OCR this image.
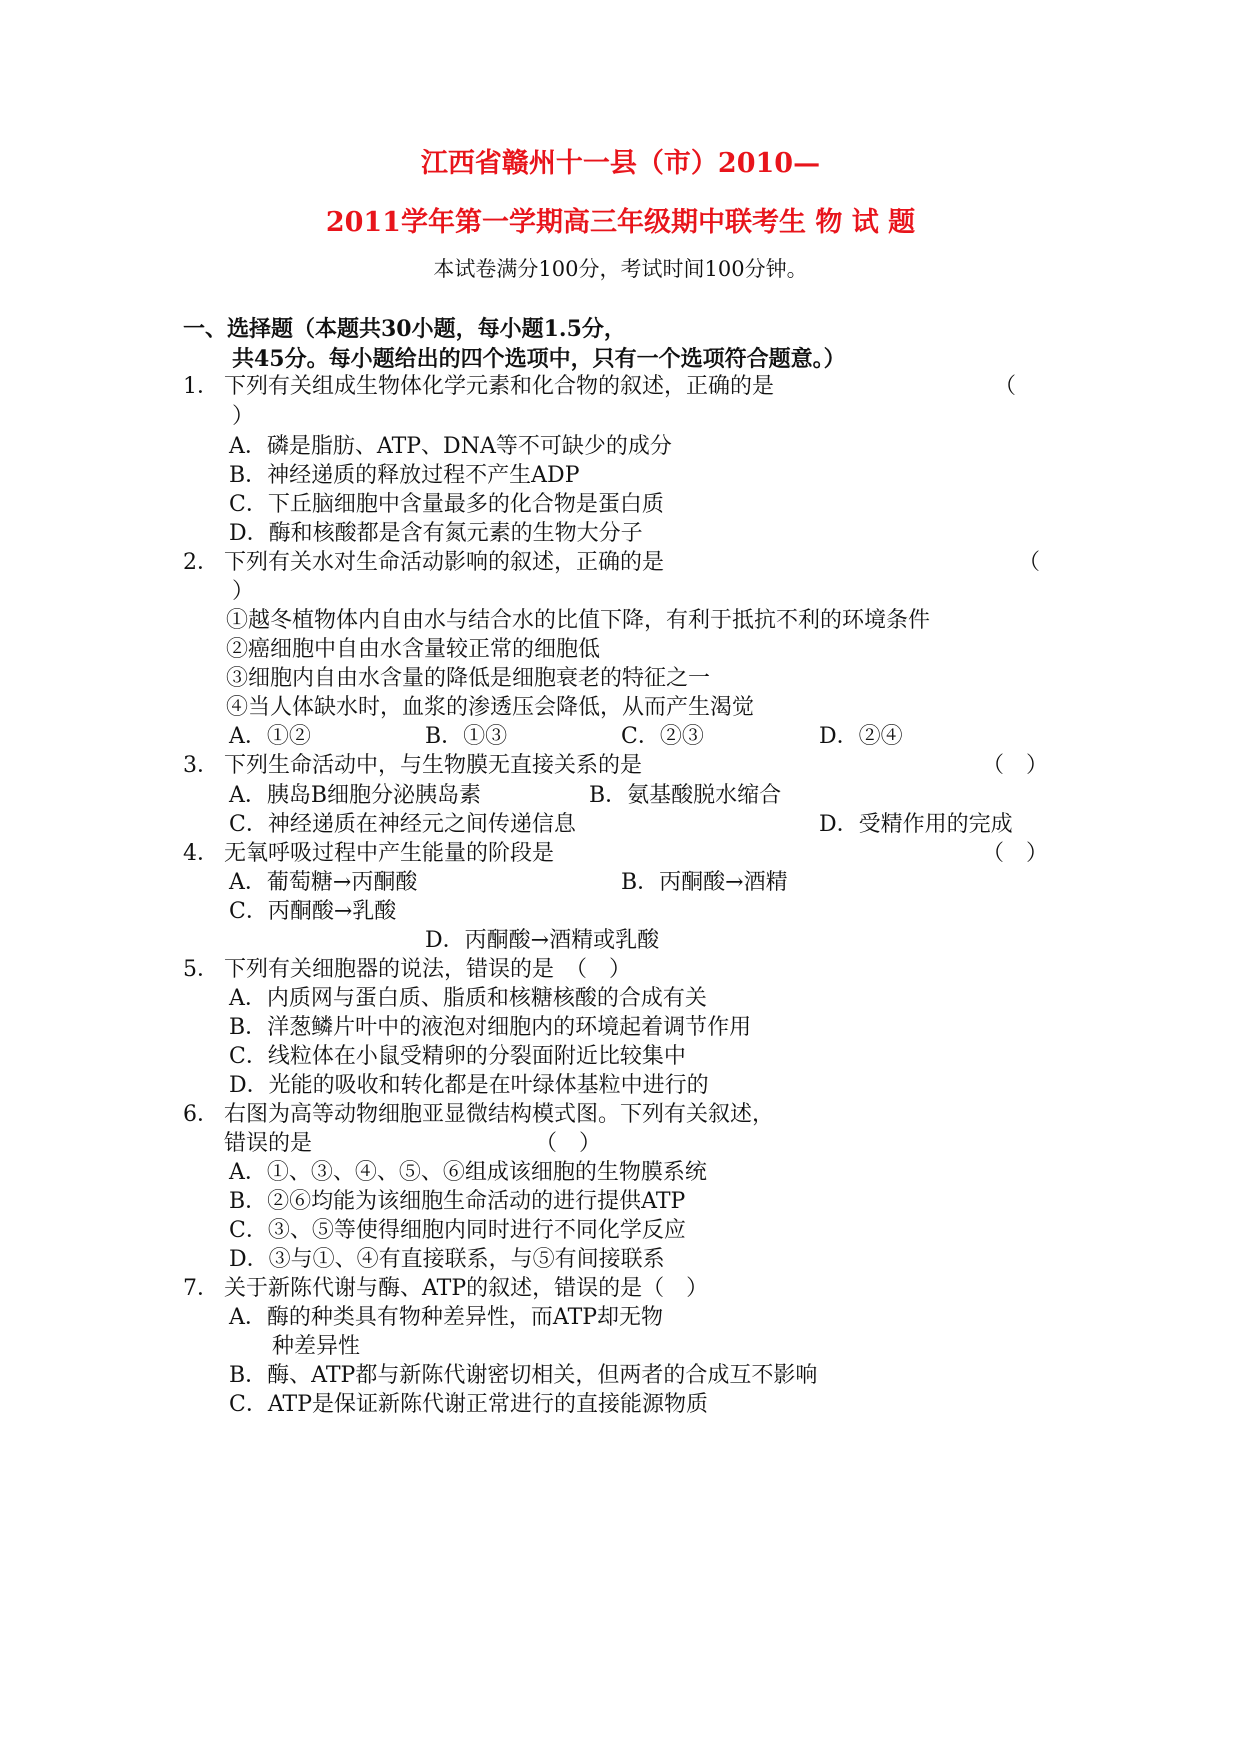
江西省赣州十一县（市）2010—
2011学年第一学期高三年级期中联考生 物 试 题
本试卷满分100分，考试时间100分钟。
一、选择题（本题共30小题，每小题1.5分，
共45分。每小题给出的四个选项中，只有一个选项符合题意。）
1． 下列有关组成生物体化学元素和化合物的叙述，正确的是	（
）
A．磷是脂肪、ATP、DNA等不可缺少的成分
B．神经递质的释放过程不产生ADP
C．下丘脑细胞中含量最多的化合物是蛋白质
D．酶和核酸都是含有氮元素的生物大分子
2． 下列有关水对生命活动影响的叙述，正确的是	（
）
①越冬植物体内自由水与结合水的比值下降，有利于抵抗不利的环境条件
②癌细胞中自由水含量较正常的细胞低
③细胞内自由水含量的降低是细胞衰老的特征之一
④当人体缺水时，血浆的渗透压会降低，从而产生渴觉
A．①②	B．①③	C．②③	D．②④
3． 下列生命活动中，与生物膜无直接关系的是	（　）
A．胰岛B细胞分泌胰岛素	B．氨基酸脱水缩合
C．神经递质在神经元之间传递信息	D．受精作用的完成
4． 无氧呼吸过程中产生能量的阶段是	（　）
A．葡萄糖→丙酮酸	B．丙酮酸→酒精
C．丙酮酸→乳酸
D．丙酮酸→酒精或乳酸
5． 下列有关细胞器的说法，错误的是　（　）
A．内质网与蛋白质、脂质和核糖核酸的合成有关
B．洋葱鳞片叶中的液泡对细胞内的环境起着调节作用
C．线粒体在小鼠受精卵的分裂面附近比较集中
D．光能的吸收和转化都是在叶绿体基粒中进行的
6． 右图为高等动物细胞亚显微结构模式图。下列有关叙述，
错误的是	（　）
A．①、③、④、⑤、⑥组成该细胞的生物膜系统
B．②⑥均能为该细胞生命活动的进行提供ATP
C．③、⑤等使得细胞内同时进行不同化学反应
D．③与①、④有直接联系，与⑤有间接联系
7． 关于新陈代谢与酶、ATP的叙述，错误的是（　）
A．酶的种类具有物种差异性，而ATP却无物
种差异性
B．酶、ATP都与新陈代谢密切相关，但两者的合成互不影响
C．ATP是保证新陈代谢正常进行的直接能源物质
